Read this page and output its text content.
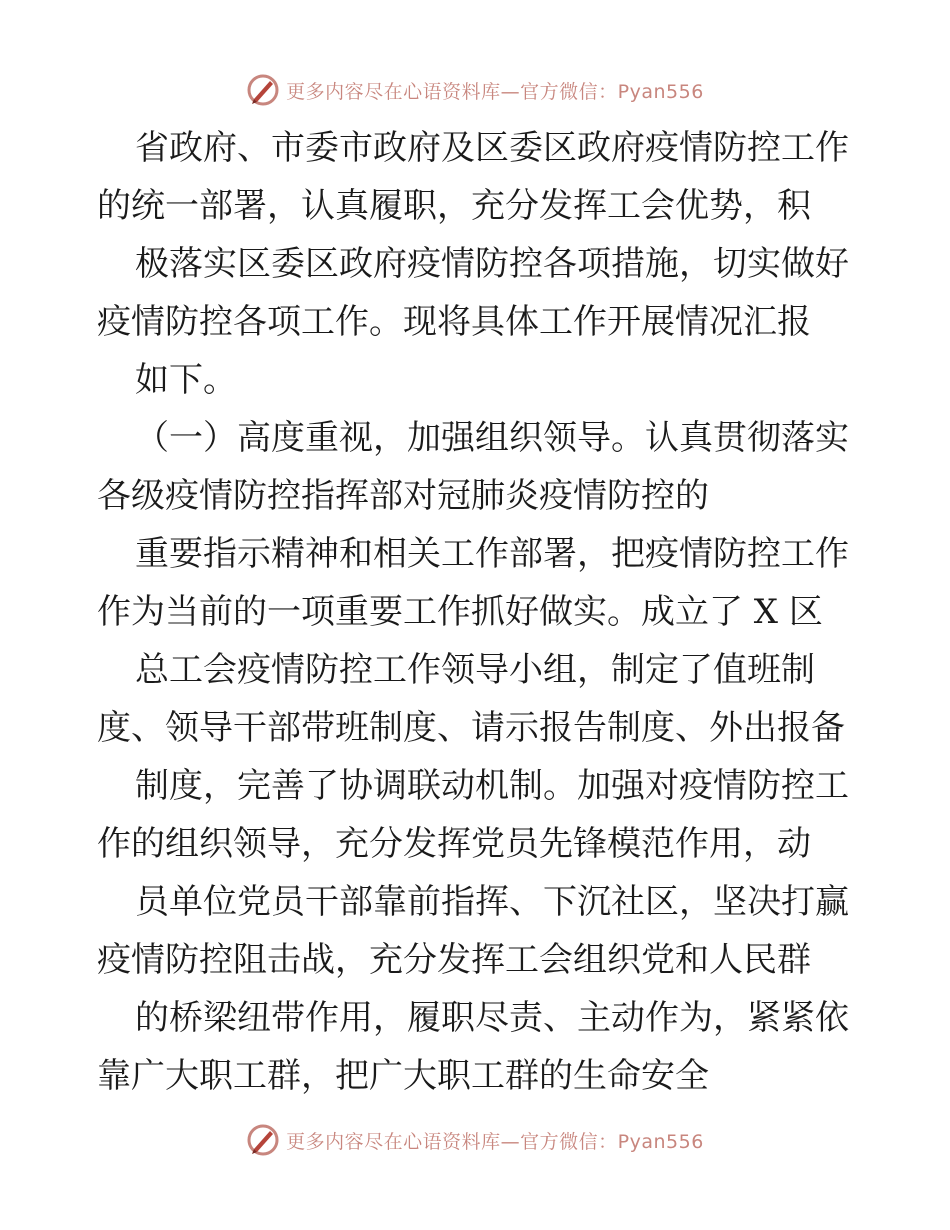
更多内容尽在心语资料库—官方微信：Pyan556
省政府、市委市政府及区委区政府疫情防控工作
的统一部署，认真履职，充分发挥工会优势，积
极落实区委区政府疫情防控各项措施，切实做好
疫情防控各项工作。现将具体工作开展情况汇报
如下。
（一）高度重视，加强组织领导。认真贯彻落实
各级疫情防控指挥部对冠肺炎疫情防控的
重要指示精神和相关工作部署，把疫情防控工作
作为当前的一项重要工作抓好做实。成立了 X 区
总工会疫情防控工作领导小组，制定了值班制
度、领导干部带班制度、请示报告制度、外出报备
制度，完善了协调联动机制。加强对疫情防控工
作的组织领导，充分发挥党员先锋模范作用，动
员单位党员干部靠前指挥、下沉社区，坚决打赢
疫情防控阻击战，充分发挥工会组织党和人民群
的桥梁纽带作用，履职尽责、主动作为，紧紧依
靠广大职工群，把广大职工群的生命安全
更多内容尽在心语资料库—官方微信：Pyan556
